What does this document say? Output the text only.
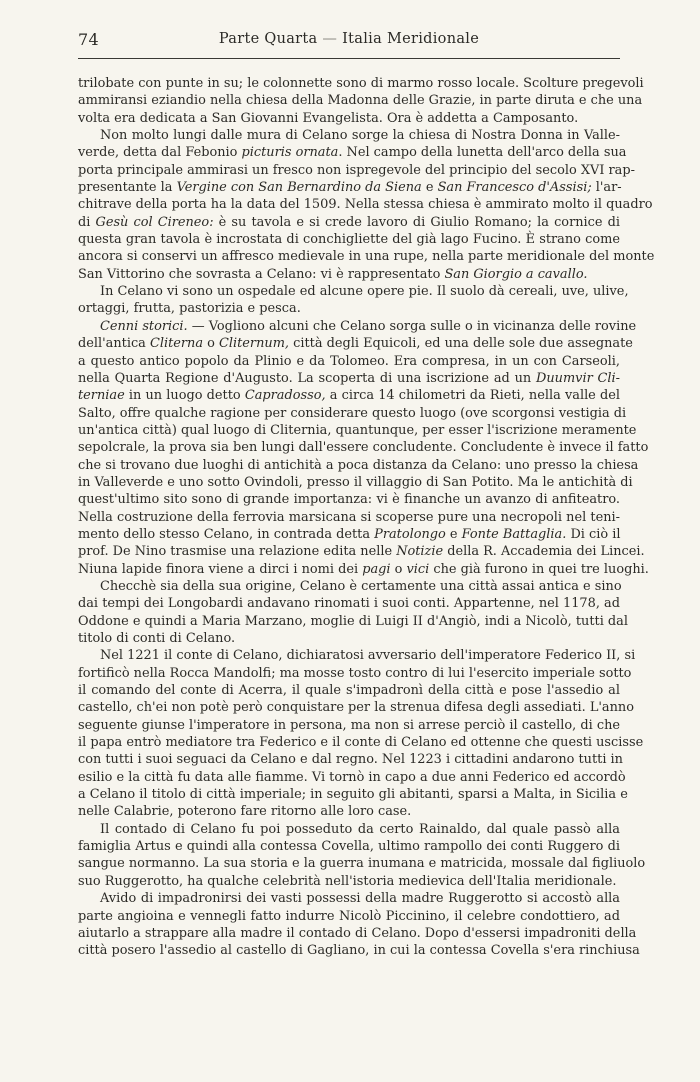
74	Parte Quarta — Italia Meridionale
trilobate con punte in su; le colonnette sono di marmo rosso locale. Scolture pregevoli
ammiransi eziandio nella chiesa della Madonna delle Grazie, in parte diruta e che una
volta era dedicata a San Giovanni Evangelista. Ora è addetta a Camposanto.
Non molto lungi dalle mura di Celano sorge la chiesa di Nostra Donna in Valle-
verde, detta dal Febonio picturis ornata. Nel campo della lunetta dell'arco della sua
porta principale ammirasi un fresco non ispregevole del principio del secolo XVI rap-
presentante la Vergine con San Bernardino da Siena e San Francesco d'Assisi; l'ar-
chitrave della porta ha la data del 1509. Nella stessa chiesa è ammirato molto il quadro
di Gesù col Cireneo: è su tavola e si crede lavoro di Giulio Romano; la cornice di
questa gran tavola è incrostata di conchigliette del già lago Fucino. È strano come
ancora si conservi un affresco medievale in una rupe, nella parte meridionale del monte
San Vittorino che sovrasta a Celano: vi è rappresentato San Giorgio a cavallo.
In Celano vi sono un ospedale ed alcune opere pie. Il suolo dà cereali, uve, ulive,
ortaggi, frutta, pastorizia e pesca.
Cenni storici. — Vogliono alcuni che Celano sorga sulle o in vicinanza delle rovine
dell'antica Cliterna o Cliternum, città degli Equicoli, ed una delle sole due assegnate
a questo antico popolo da Plinio e da Tolomeo. Era compresa, in un con Carseoli,
nella Quarta Regione d'Augusto. La scoperta di una iscrizione ad un Duumvir Cli-
terniae in un luogo detto Capradosso, a circa 14 chilometri da Rieti, nella valle del
Salto, offre qualche ragione per considerare questo luogo (ove scorgonsi vestigia di
un'antica città) qual luogo di Cliternia, quantunque, per esser l'iscrizione meramente
sepolcrale, la prova sia ben lungi dall'essere concludente. Concludente è invece il fatto
che si trovano due luoghi di antichità a poca distanza da Celano: uno presso la chiesa
in Valleverde e uno sotto Ovindoli, presso il villaggio di San Potito. Ma le antichità di
quest'ultimo sito sono di grande importanza: vi è finanche un avanzo di anfiteatro.
Nella costruzione della ferrovia marsicana si scoperse pure una necropoli nel teni-
mento dello stesso Celano, in contrada detta Pratolongo e Fonte Battaglia. Di ciò il
prof. De Nino trasmise una relazione edita nelle Notizie della R. Accademia dei Lincei.
Niuna lapide finora viene a dirci i nomi dei pagi o vici che già furono in quei tre luoghi.
Checchè sia della sua origine, Celano è certamente una città assai antica e sino
dai tempi dei Longobardi andavano rinomati i suoi conti. Appartenne, nel 1178, ad
Oddone e quindi a Maria Marzano, moglie di Luigi II d'Angiò, indi a Nicolò, tutti dal
titolo di conti di Celano.
Nel 1221 il conte di Celano, dichiaratosi avversario dell'imperatore Federico II, si
fortificò nella Rocca Mandolfi; ma mosse tosto contro di lui l'esercito imperiale sotto
il comando del conte di Acerra, il quale s'impadronì della città e pose l'assedio al
castello, ch'ei non potè però conquistare per la strenua difesa degli assediati. L'anno
seguente giunse l'imperatore in persona, ma non si arrese perciò il castello, di che
il papa entrò mediatore tra Federico e il conte di Celano ed ottenne che questi uscisse
con tutti i suoi seguaci da Celano e dal regno. Nel 1223 i cittadini andarono tutti in
esilio e la città fu data alle fiamme. Vi tornò in capo a due anni Federico ed accordò
a Celano il titolo di città imperiale; in seguito gli abitanti, sparsi a Malta, in Sicilia e
nelle Calabrie, poterono fare ritorno alle loro case.
Il contado di Celano fu poi posseduto da certo Rainaldo, dal quale passò alla
famiglia Artus e quindi alla contessa Covella, ultimo rampollo dei conti Ruggero di
sangue normanno. La sua storia e la guerra inumana e matricida, mossale dal figliuolo
suo Ruggerotto, ha qualche celebrità nell'istoria medievica dell'Italia meridionale.
Avido di impadronirsi dei vasti possessi della madre Ruggerotto si accostò alla
parte angioina e vennegli fatto indurre Nicolò Piccinino, il celebre condottiero, ad
aiutarlo a strappare alla madre il contado di Celano. Dopo d'essersi impadroniti della
città posero l'assedio al castello di Gagliano, in cui la contessa Covella s'era rinchiusa
